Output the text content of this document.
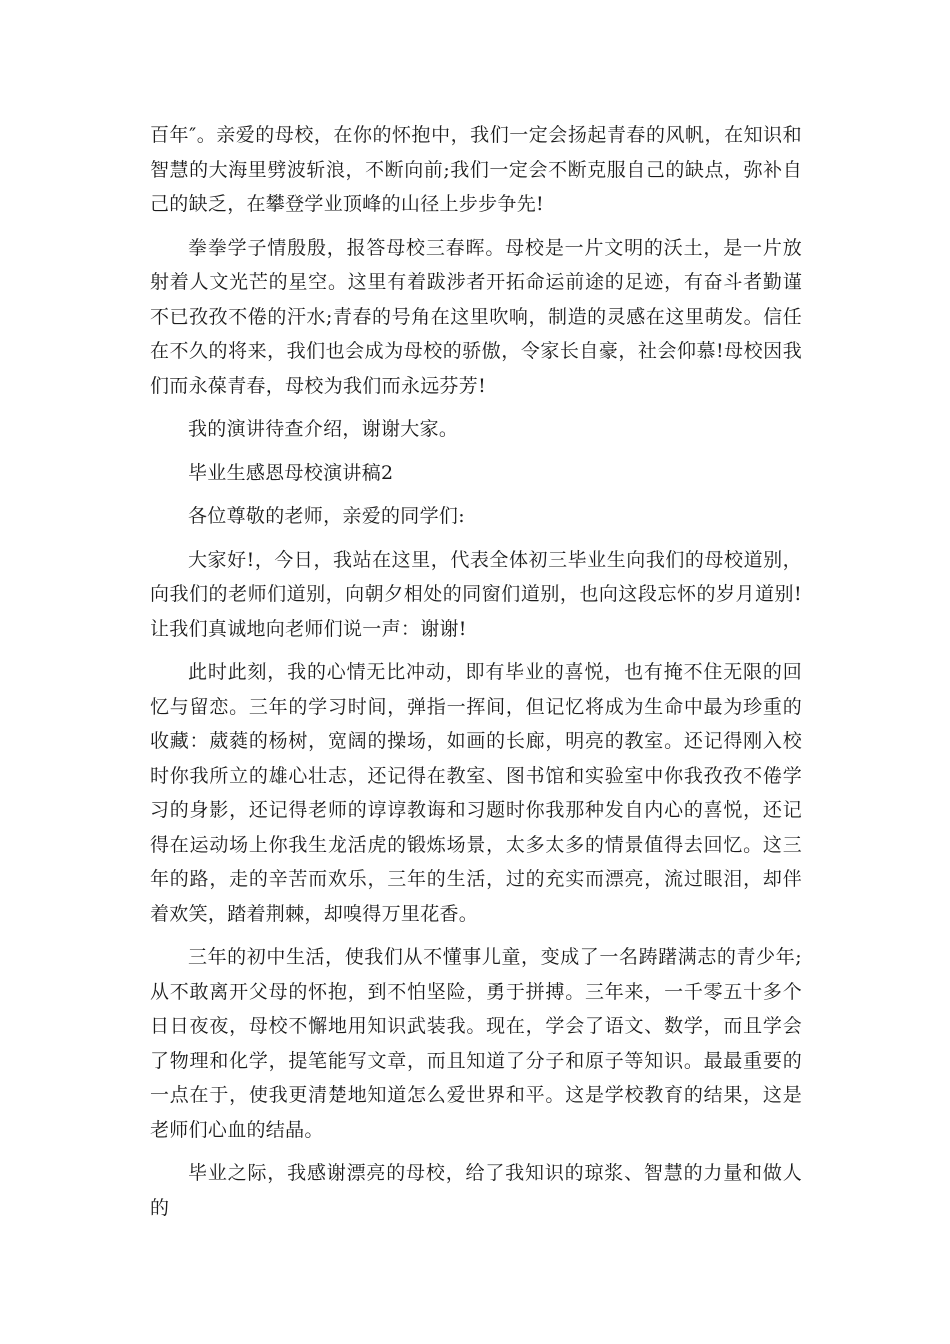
百年″。亲爱的母校，在你的怀抱中，我们一定会扬起青春的风帆，在知识和智慧的大海里劈波斩浪，不断向前;我们一定会不断克服自己的缺点，弥补自己的缺乏，在攀登学业顶峰的山径上步步争先!

拳拳学子情殷殷，报答母校三春晖。母校是一片文明的沃土，是一片放射着人文光芒的星空。这里有着跋涉者开拓命运前途的足迹，有奋斗者勤谨不已孜孜不倦的汗水;青春的号角在这里吹响，制造的灵感在这里萌发。信任在不久的将来，我们也会成为母校的骄傲，令家长自豪，社会仰慕!母校因我们而永葆青春，母校为我们而永远芬芳!

我的演讲待查介绍，谢谢大家。

毕业生感恩母校演讲稿2

各位尊敬的老师，亲爱的同学们:

大家好!，今日，我站在这里，代表全体初三毕业生向我们的母校道别，向我们的老师们道别，向朝夕相处的同窗们道别，也向这段忘怀的岁月道别!让我们真诚地向老师们说一声：谢谢!

此时此刻，我的心情无比冲动，即有毕业的喜悦，也有掩不住无限的回忆与留恋。三年的学习时间，弹指一挥间，但记忆将成为生命中最为珍重的收藏：葳蕤的杨树，宽阔的操场，如画的长廊，明亮的教室。还记得刚入校时你我所立的雄心壮志，还记得在教室、图书馆和实验室中你我孜孜不倦学习的身影，还记得老师的谆谆教诲和习题时你我那种发自内心的喜悦，还记得在运动场上你我生龙活虎的锻炼场景，太多太多的情景值得去回忆。这三年的路，走的辛苦而欢乐，三年的生活，过的充实而漂亮，流过眼泪，却伴着欢笑，踏着荆棘，却嗅得万里花香。

三年的初中生活，使我们从不懂事儿童，变成了一名踌躇满志的青少年;从不敢离开父母的怀抱，到不怕坚险，勇于拼搏。三年来，一千零五十多个日日夜夜，母校不懈地用知识武装我。现在，学会了语文、数学，而且学会了物理和化学，提笔能写文章，而且知道了分子和原子等知识。最最重要的一点在于，使我更清楚地知道怎么爱世界和平。这是学校教育的结果，这是老师们心血的结晶。

毕业之际，我感谢漂亮的母校，给了我知识的琼浆、智慧的力量和做人的
